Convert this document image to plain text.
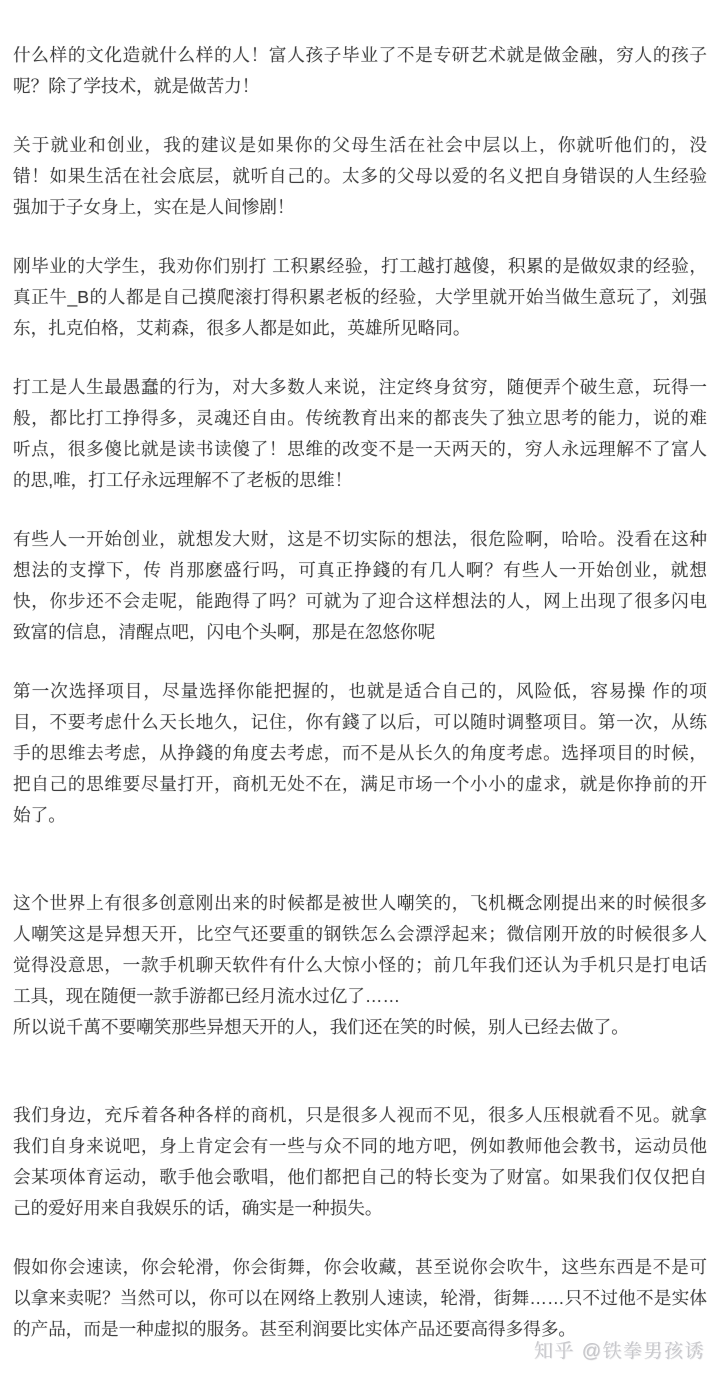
什么样的文化造就什么样的人！富人孩子毕业了不是专研艺术就是做金融，穷人的孩子
呢？除了学技术，就是做苦力！

关于就业和创业，我的建议是如果你的父母生活在社会中层以上，你就听他们的，没
错！如果生活在社会底层，就听自己的。太多的父母以爱的名义把自身错误的人生经验
强加于子女身上，实在是人间惨剧！

刚毕业的大学生，我劝你们别打 工积累经验，打工越打越傻，积累的是做奴隶的经验，
真正牛_B的人都是自己摸爬滚打得积累老板的经验，大学里就开始当做生意玩了，刘强
东，扎克伯格，艾莉森，很多人都是如此，英雄所见略同。

打工是人生最愚蠢的行为，对大多数人来说，注定终身贫穷，随便弄个破生意，玩得一
般，都比打工挣得多，灵魂还自由。传统教育出来的都丧失了独立思考的能力，说的难
听点，很多傻比就是读书读傻了！思维的改变不是一天两天的，穷人永远理解不了富人
的思,唯，打工仔永远理解不了老板的思维！

有些人一开始创业，就想发大财，这是不切实际的想法，很危险啊，哈哈。没看在这种
想法的支撑下，传 肖那麽盛行吗，可真正挣錢的有几人啊？有些人一开始创业，就想
快，你步还不会走呢，能跑得了吗？可就为了迎合这样想法的人，网上出现了很多闪电
致富的信息，清醒点吧，闪电个头啊，那是在忽悠你呢

第一次选择项目，尽量选择你能把握的，也就是适合自己的，风险低，容易操 作的项
目，不要考虑什么天长地久，记住，你有錢了以后，可以随时调整项目。第一次，从练
手的思维去考虑，从挣錢的角度去考虑，而不是从长久的角度考虑。选择项目的时候，
把自己的思维要尽量打开，商机无处不在，满足市场一个小小的虚求，就是你挣前的开
始了。

这个世界上有很多创意刚出来的时候都是被世人嘲笑的，飞机概念刚提出来的时候很多
人嘲笑这是异想天开，比空气还要重的钢铁怎么会漂浮起来；微信刚开放的时候很多人
觉得没意思，一款手机聊天软件有什么大惊小怪的；前几年我们还认为手机只是打电话
工具，现在随便一款手游都已经月流水过亿了……
所以说千萬不要嘲笑那些异想天开的人，我们还在笑的时候，别人已经去做了。

我们身边，充斥着各种各样的商机，只是很多人视而不见，很多人压根就看不见。就拿
我们自身来说吧，身上肯定会有一些与众不同的地方吧，例如教师他会教书，运动员他
会某项体育运动，歌手他会歌唱，他们都把自己的特长变为了财富。如果我们仅仅把自
己的爱好用来自我娱乐的话，确实是一种损失。

假如你会速读，你会轮滑，你会街舞，你会收藏，甚至说你会吹牛，这些东西是不是可
以拿来卖呢？当然可以，你可以在网络上教别人速读，轮滑，街舞……只不过他不是实体
的产品，而是一种虚拟的服务。甚至利润要比实体产品还要高得多得多。

知乎 @铁拳男孩诱
